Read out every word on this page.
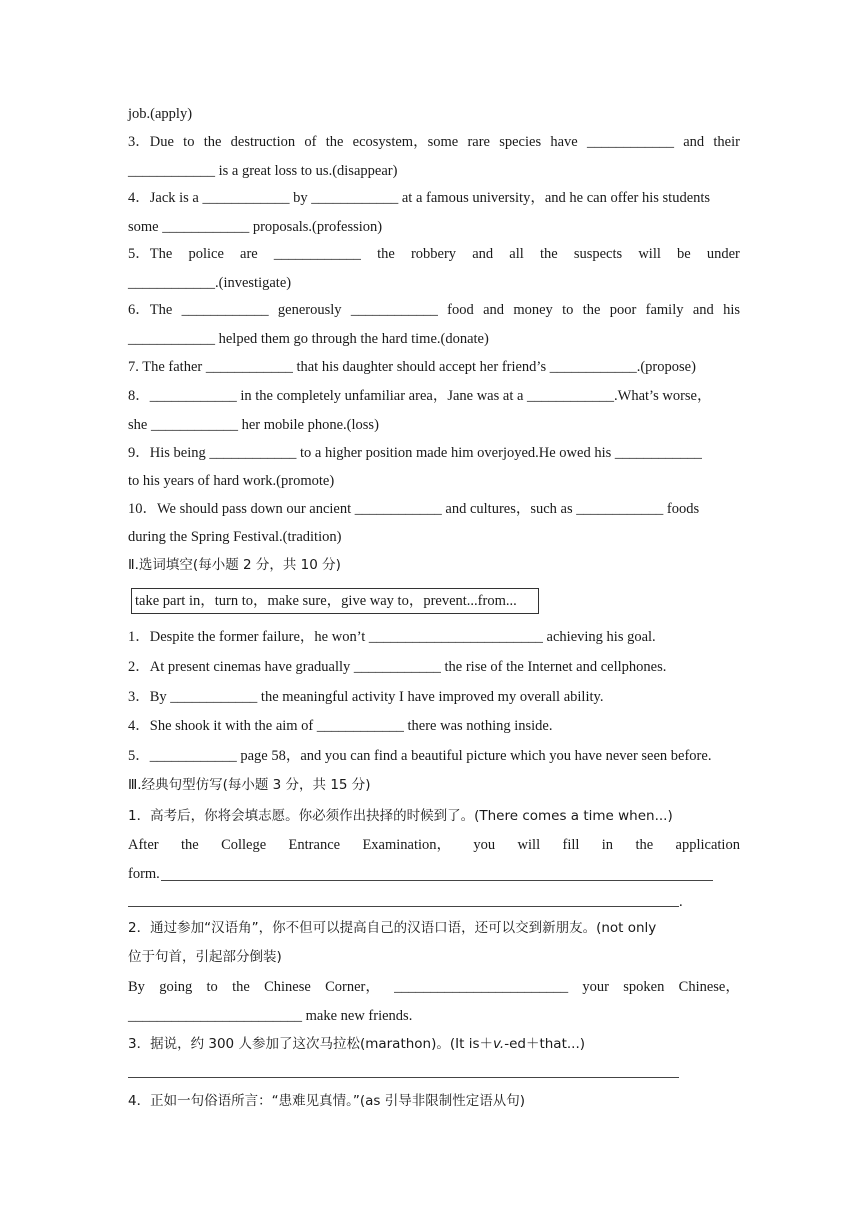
job.(apply)
3．Due to the destruction of the ecosystem，some rare species have ____________ and their
____________ is a great loss to us.(disappear)
4．Jack is a ____________ by ____________ at a famous university，and he can offer his students
some ____________ proposals.(profession)
5．The police are ____________ the robbery and all the suspects will be under
____________.(investigate)
6．The ____________ generously ____________ food and money to the poor family and his
____________ helped them go through the hard time.(donate)
7. The father ____________ that his daughter should accept her friend’s ____________.(propose)
8．____________ in the completely unfamiliar area，Jane was at a ____________.What’s worse，
she ____________ her mobile phone.(loss)
9．His being ____________ to a higher position made him overjoyed.He owed his ____________
to his years of hard work.(promote)
10．We should pass down our ancient ____________ and cultures，such as ____________ foods
during the Spring Festival.(tradition)
Ⅱ.选词填空(每小题 2 分，共 10 分)
take part in，turn to，make sure，give way to，prevent...from...
1．Despite the former failure，he won’t ________________________ achieving his goal.
2．At present cinemas have gradually ____________ the rise of the Internet and cellphones.
3．By ____________ the meaningful activity I have improved my overall ability.
4．She shook it with the aim of ____________ there was nothing inside.
5．____________ page 58，and you can find a beautiful picture which you have never seen before.
Ⅲ.经典句型仿写(每小题 3 分，共 15 分)
1．高考后，你将会填志愿。你必须作出抉择的时候到了。(There comes a time when...)
After the College Entrance Examination， you will fill in the application
form.
.
2．通过参加“汉语角”，你不但可以提高自己的汉语口语，还可以交到新朋友。(not only
位于句首，引起部分倒装)
By going to the Chinese Corner， ________________________ your spoken Chinese，
________________________ make new friends.
3．据说，约 300 人参加了这次马拉松(marathon)。(It is＋v.-ed＋that...)
4．正如一句俗语所言：“患难见真情。”(as 引导非限制性定语从句)
